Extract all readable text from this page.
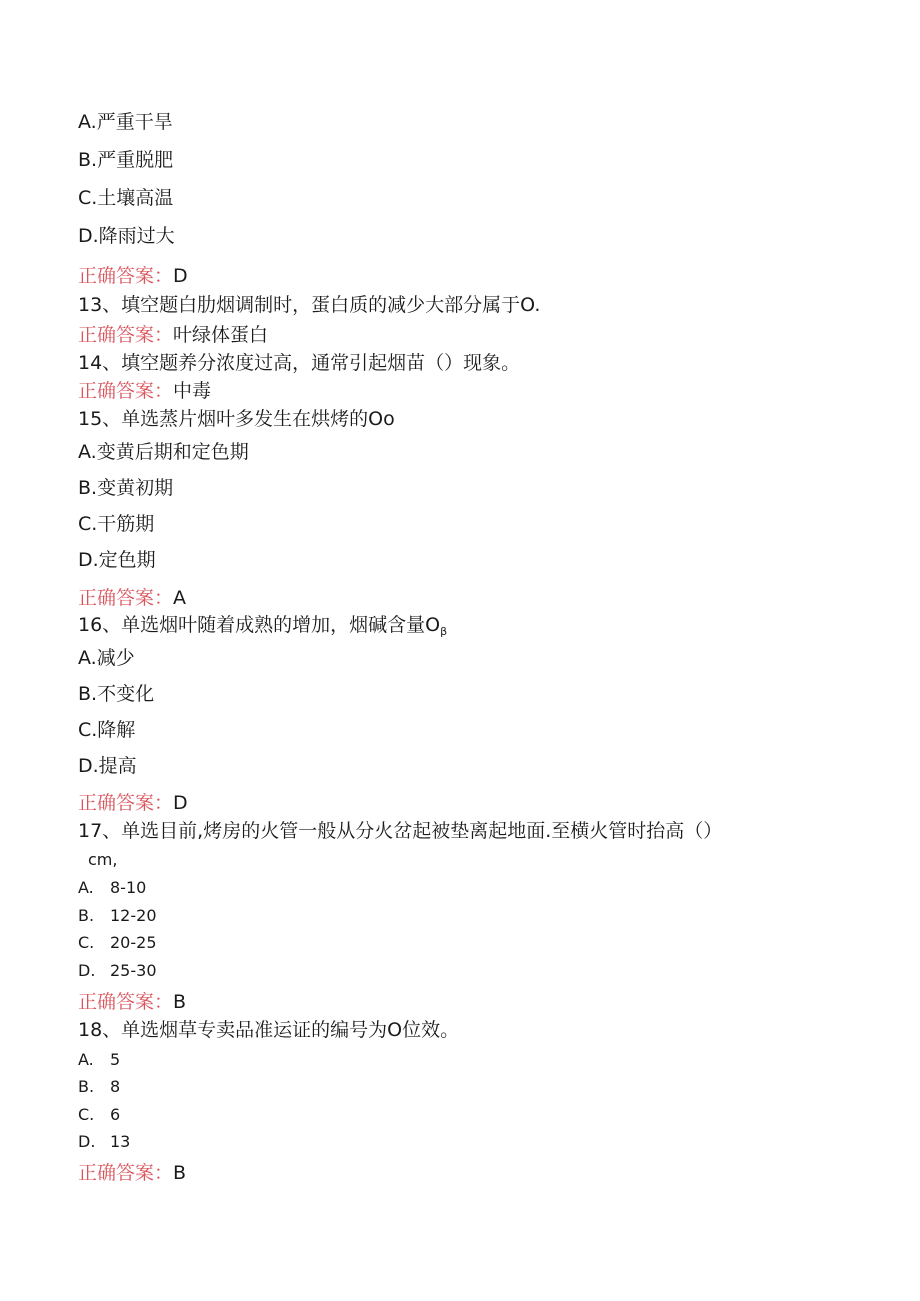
A.严重干旱
B.严重脱肥
C.土壤高温
D.降雨过大
正确答案：D
13、填空题白肋烟调制时，蛋白质的减少大部分属于O.
正确答案：叶绿体蛋白
14、填空题养分浓度过高，通常引起烟苗（）现象。
正确答案：中毒
15、单选蒸片烟叶多发生在烘烤的Oo
A.变黄后期和定色期
B.变黄初期
C.干筋期
D.定色期
正确答案：A
16、单选烟叶随着成熟的增加，烟碱含量$O_\beta$
A.减少
B.不变化
C.降解
D.提高
正确答案：D
17、单选目前,烤房的火管一般从分火岔起被垫离起地面.至横火管时抬高（）
cm,
A. 8-10
B. 12-20
C. 20-25
D. 25-30
正确答案：B
18、单选烟草专卖品准运证的编号为O位效。
A. 5
B. 8
C. 6
D. 13
正确答案：B
